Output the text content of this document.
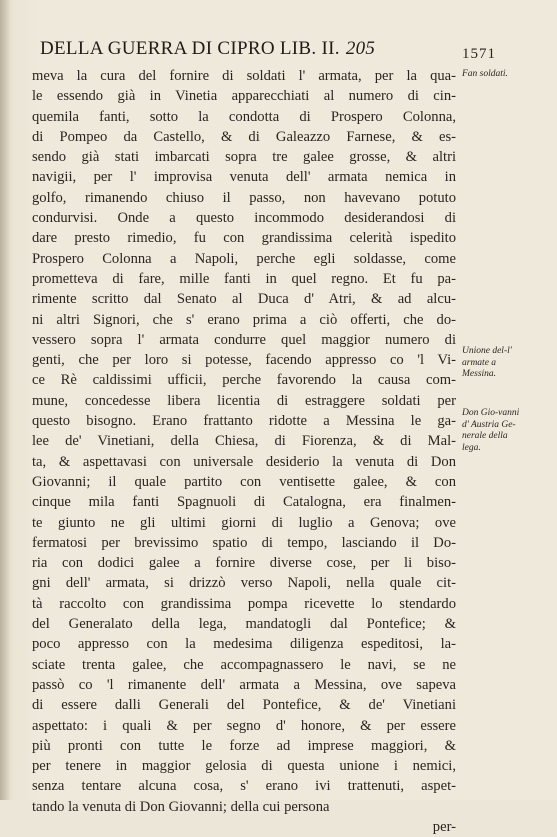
DELLA GUERRA DI CIPRO LIB. II. 205	1571
Fan soldati.
Unione del-l' armate a Messina.
Don Gio-vanni d' Austria Ge-nerale della lega.
meva la cura del fornire di soldati l' armata, per la qua-
le essendo già in Vinetia apparecchiati al numero di cin-
quemila fanti, sotto la condotta di Prospero Colonna,
di Pompeo da Castello, & di Galeazzo Farnese, & es-
sendo già stati imbarcati sopra tre galee grosse, & altri
navigii, per l' improvisa venuta dell' armata nemica in
golfo, rimanendo chiuso il passo, non havevano potuto
condurvisi. Onde a questo incommodo desiderandosi di
dare presto rimedio, fu con grandissima celerità ispedito
Prospero Colonna a Napoli, perche egli soldasse, come
prometteva di fare, mille fanti in quel regno. Et fu pa-
rimente scritto dal Senato al Duca d' Atri, & ad alcu-
ni altri Signori, che s' erano prima a ciò offerti, che do-
vessero sopra l' armata condurre quel maggior numero di
genti, che per loro si potesse, facendo appresso co 'l Vi-
ce Rè caldissimi ufficii, perche favorendo la causa com-
mune, concedesse libera licentia di estraggere soldati per
questo bisogno. Erano frattanto ridotte a Messina le ga-
lee de' Vinetiani, della Chiesa, di Fiorenza, & di Mal-
ta, & aspettavasi con universale desiderio la venuta di Don
Giovanni; il quale partito con ventisette galee, & con
cinque mila fanti Spagnuoli di Catalogna, era finalmen-
te giunto ne gli ultimi giorni di luglio a Genova; ove
fermatosi per brevissimo spatio di tempo, lasciando il Do-
ria con dodici galee a fornire diverse cose, per li biso-
gni dell' armata, si drizzò verso Napoli, nella quale cit-
tà raccolto con grandissima pompa ricevette lo stendardo
del Generalato della lega, mandatogli dal Pontefice; &
poco appresso con la medesima diligenza espeditosi, la-
sciate trenta galee, che accompagnassero le navi, se ne
passò co 'l rimanente dell' armata a Messina, ove sapeva
di essere dalli Generali del Pontefice, & de' Vinetiani
aspettato: i quali & per segno d' honore, & per essere
più pronti con tutte le forze ad imprese maggiori, &
per tenere in maggior gelosia di questa unione i nemici,
senza tentare alcuna cosa, s' erano ivi trattenuti, aspet-
tando la venuta di Don Giovanni; della cui persona
per-
